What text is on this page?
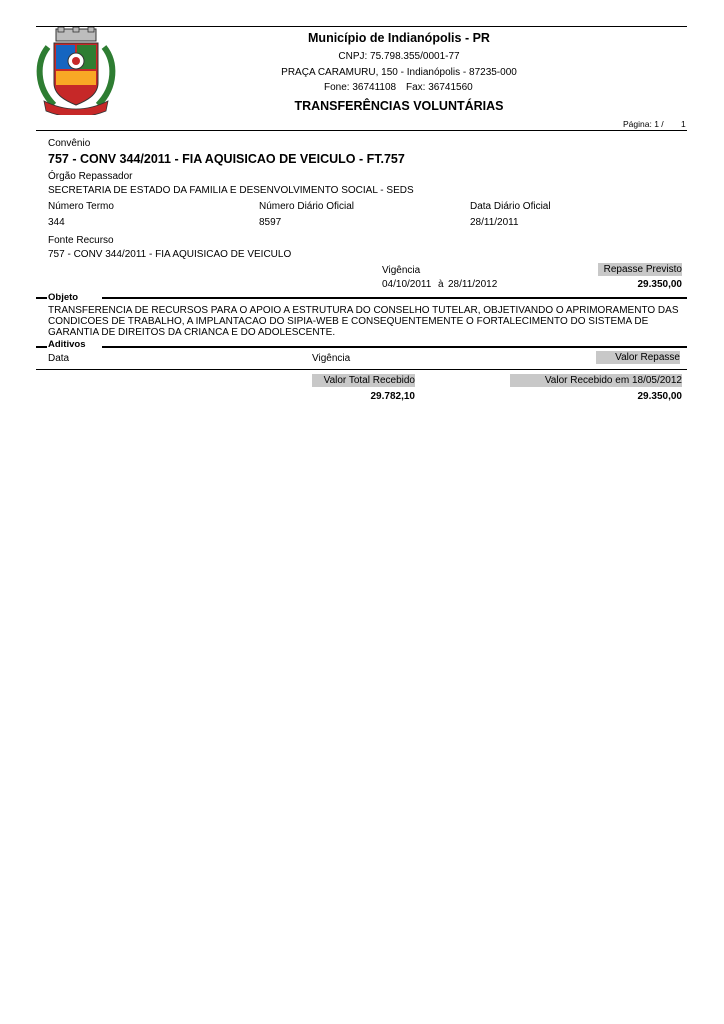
Município de Indianópolis - PR
CNPJ: 75.798.355/0001-77
PRAÇA CARAMURU, 150 - Indianópolis - 87235-000
Fone: 36741108 Fax: 36741560
TRANSFERÊNCIAS VOLUNTÁRIAS
Página: 1 / 1
Convênio
757 - CONV 344/2011 - FIA AQUISICAO DE VEICULO - FT.757
Órgão Repassador
SECRETARIA DE ESTADO DA FAMILIA E DESENVOLVIMENTO SOCIAL - SEDS
Número Termo	Número Diário Oficial	Data Diário Oficial
344	8597	28/11/2011
Fonte Recurso
757 - CONV 344/2011 - FIA AQUISICAO DE VEICULO
Vigência	Repasse Previsto
04/10/2011 à 28/11/2012	29.350,00
Objeto
TRANSFERENCIA DE RECURSOS PARA O APOIO A ESTRUTURA DO CONSELHO TUTELAR, OBJETIVANDO O APRIMORAMENTO DAS CONDICOES DE TRABALHO, A IMPLANTACAO DO SIPIA-WEB E CONSEQUENTEMENTE O FORTALECIMENTO DO SISTEMA DE GARANTIA DE DIREITOS DA CRIANCA E DO ADOLESCENTE.
Aditivos
Data	Vigência	Valor Repasse
Valor Total Recebido	Valor Recebido em 18/05/2012
29.782,10	29.350,00
